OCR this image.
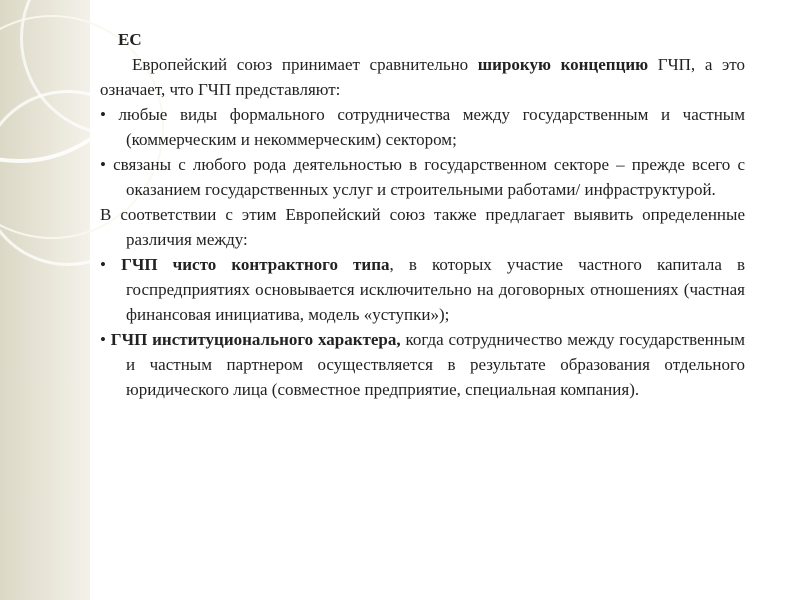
ЕС

Европейский союз принимает сравнительно широкую концепцию ГЧП, а это означает, что ГЧП представляют:

• любые виды формального сотрудничества между государственным и частным (коммерческим и некоммерческим) сектором;

• связаны с любого рода деятельностью в государственном секторе – прежде всего с оказанием государственных услуг и строительными работами/ инфраструктурой.

В соответствии с этим Европейский союз также предлагает выявить определенные различия между:

• ГЧП чисто контрактного типа, в которых участие частного капитала в госпредприятиях основывается исключительно на договорных отношениях (частная финансовая инициатива, модель «уступки»);

• ГЧП институционального характера, когда сотрудничество между государственным и частным партнером осуществляется в результате образования отдельного юридического лица (совместное предприятие, специальная компания).
